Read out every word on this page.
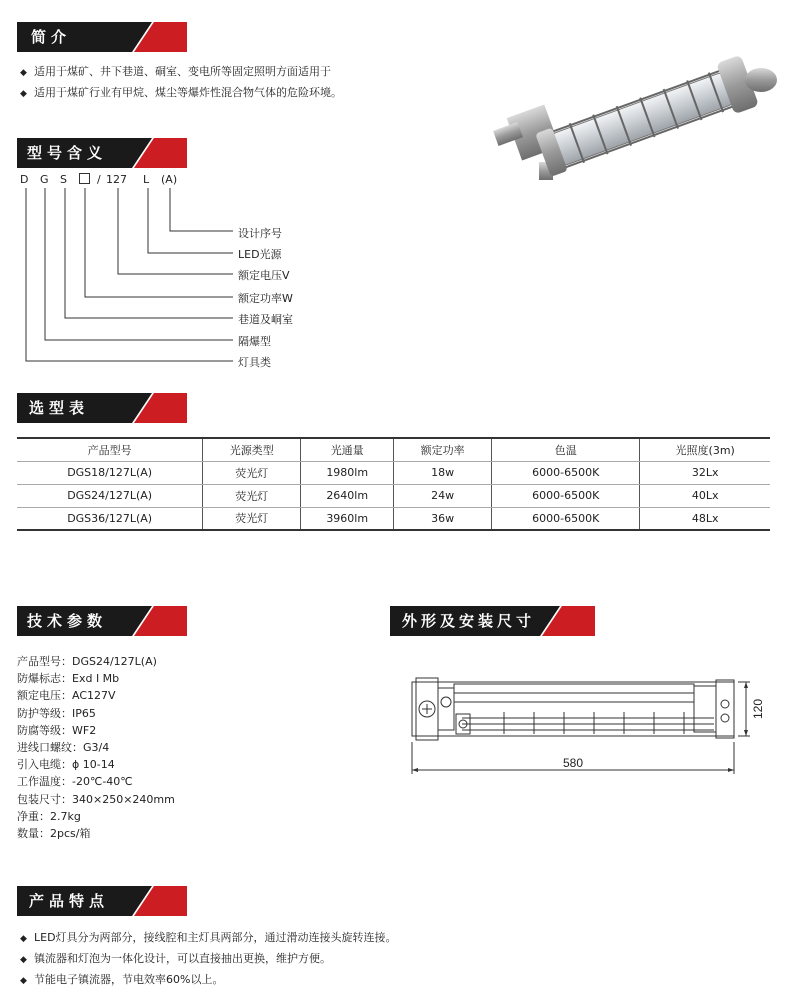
简介
◆ 适用于煤矿、井下巷道、硐室、变电所等固定照明方面适用于
◆ 适用于煤矿行业有甲烷、煤尘等爆炸性混合物气体的危险环境。
型号含义
D G S	/ 127 L (A)
设计序号
LED光源
额定电压V
额定功率W
巷道及峒室
隔爆型
灯具类
选型表
产品型号	光源类型	光通量	额定功率	色温	光照度(3m)
DGS18/127L(A)	荧光灯	1980lm	18w	6000-6500K	32Lx
DGS24/127L(A)	荧光灯	2640lm	24w	6000-6500K	40Lx
DGS36/127L(A)	荧光灯	3960lm	36w	6000-6500K	48Lx
技术参数	外形及安装尺寸
产品型号：DGS24/127L(A)
防爆标志：Exd Ⅰ Mb
额定电压：AC127V
防护等级：IP65
防腐等级：WF2
进线口螺纹：G3/4
引入电缆：ϕ 10-14
工作温度：-20℃-40℃
包装尺寸：340×250×240mm
净重：2.7kg
数量：2pcs/箱
580
120
产品特点
◆ LED灯具分为两部分，接线腔和主灯具两部分，通过滑动连接头旋转连接。
◆ 镇流器和灯泡为一体化设计，可以直接抽出更换，维护方便。
◆ 节能电子镇流器，节电效率60%以上。
